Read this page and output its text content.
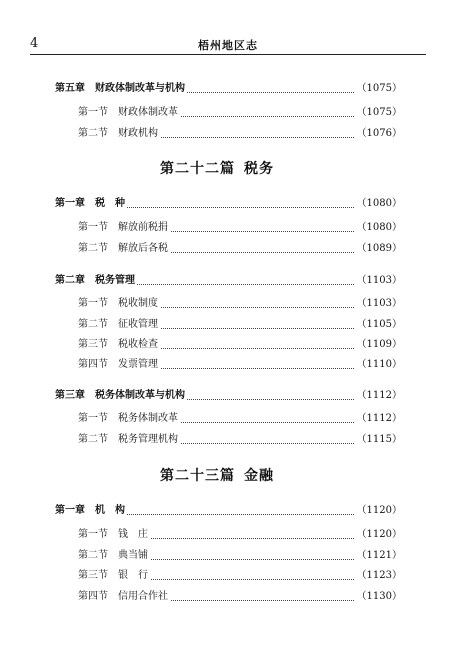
4	梧州地区志
第五章　财政体制改革与机构	（1075）
第一节　财政体制改革	（1075）
第二节　财政机构	（1076）
第二十二篇 税务
第一章　税　种	（1080）
第一节　解放前税捐	（1080）
第二节　解放后各税	（1089）
第二章　税务管理	（1103）
第一节　税收制度	（1103）
第二节　征收管理	（1105）
第三节　税收检查	（1109）
第四节　发票管理	（1110）
第三章　税务体制改革与机构	（1112）
第一节　税务体制改革	（1112）
第二节　税务管理机构	（1115）
第二十三篇 金融
第一章　机　构	（1120）
第一节　钱　庄	（1120）
第二节　典当铺	（1121）
第三节　银　行	（1123）
第四节　信用合作社	（1130）
